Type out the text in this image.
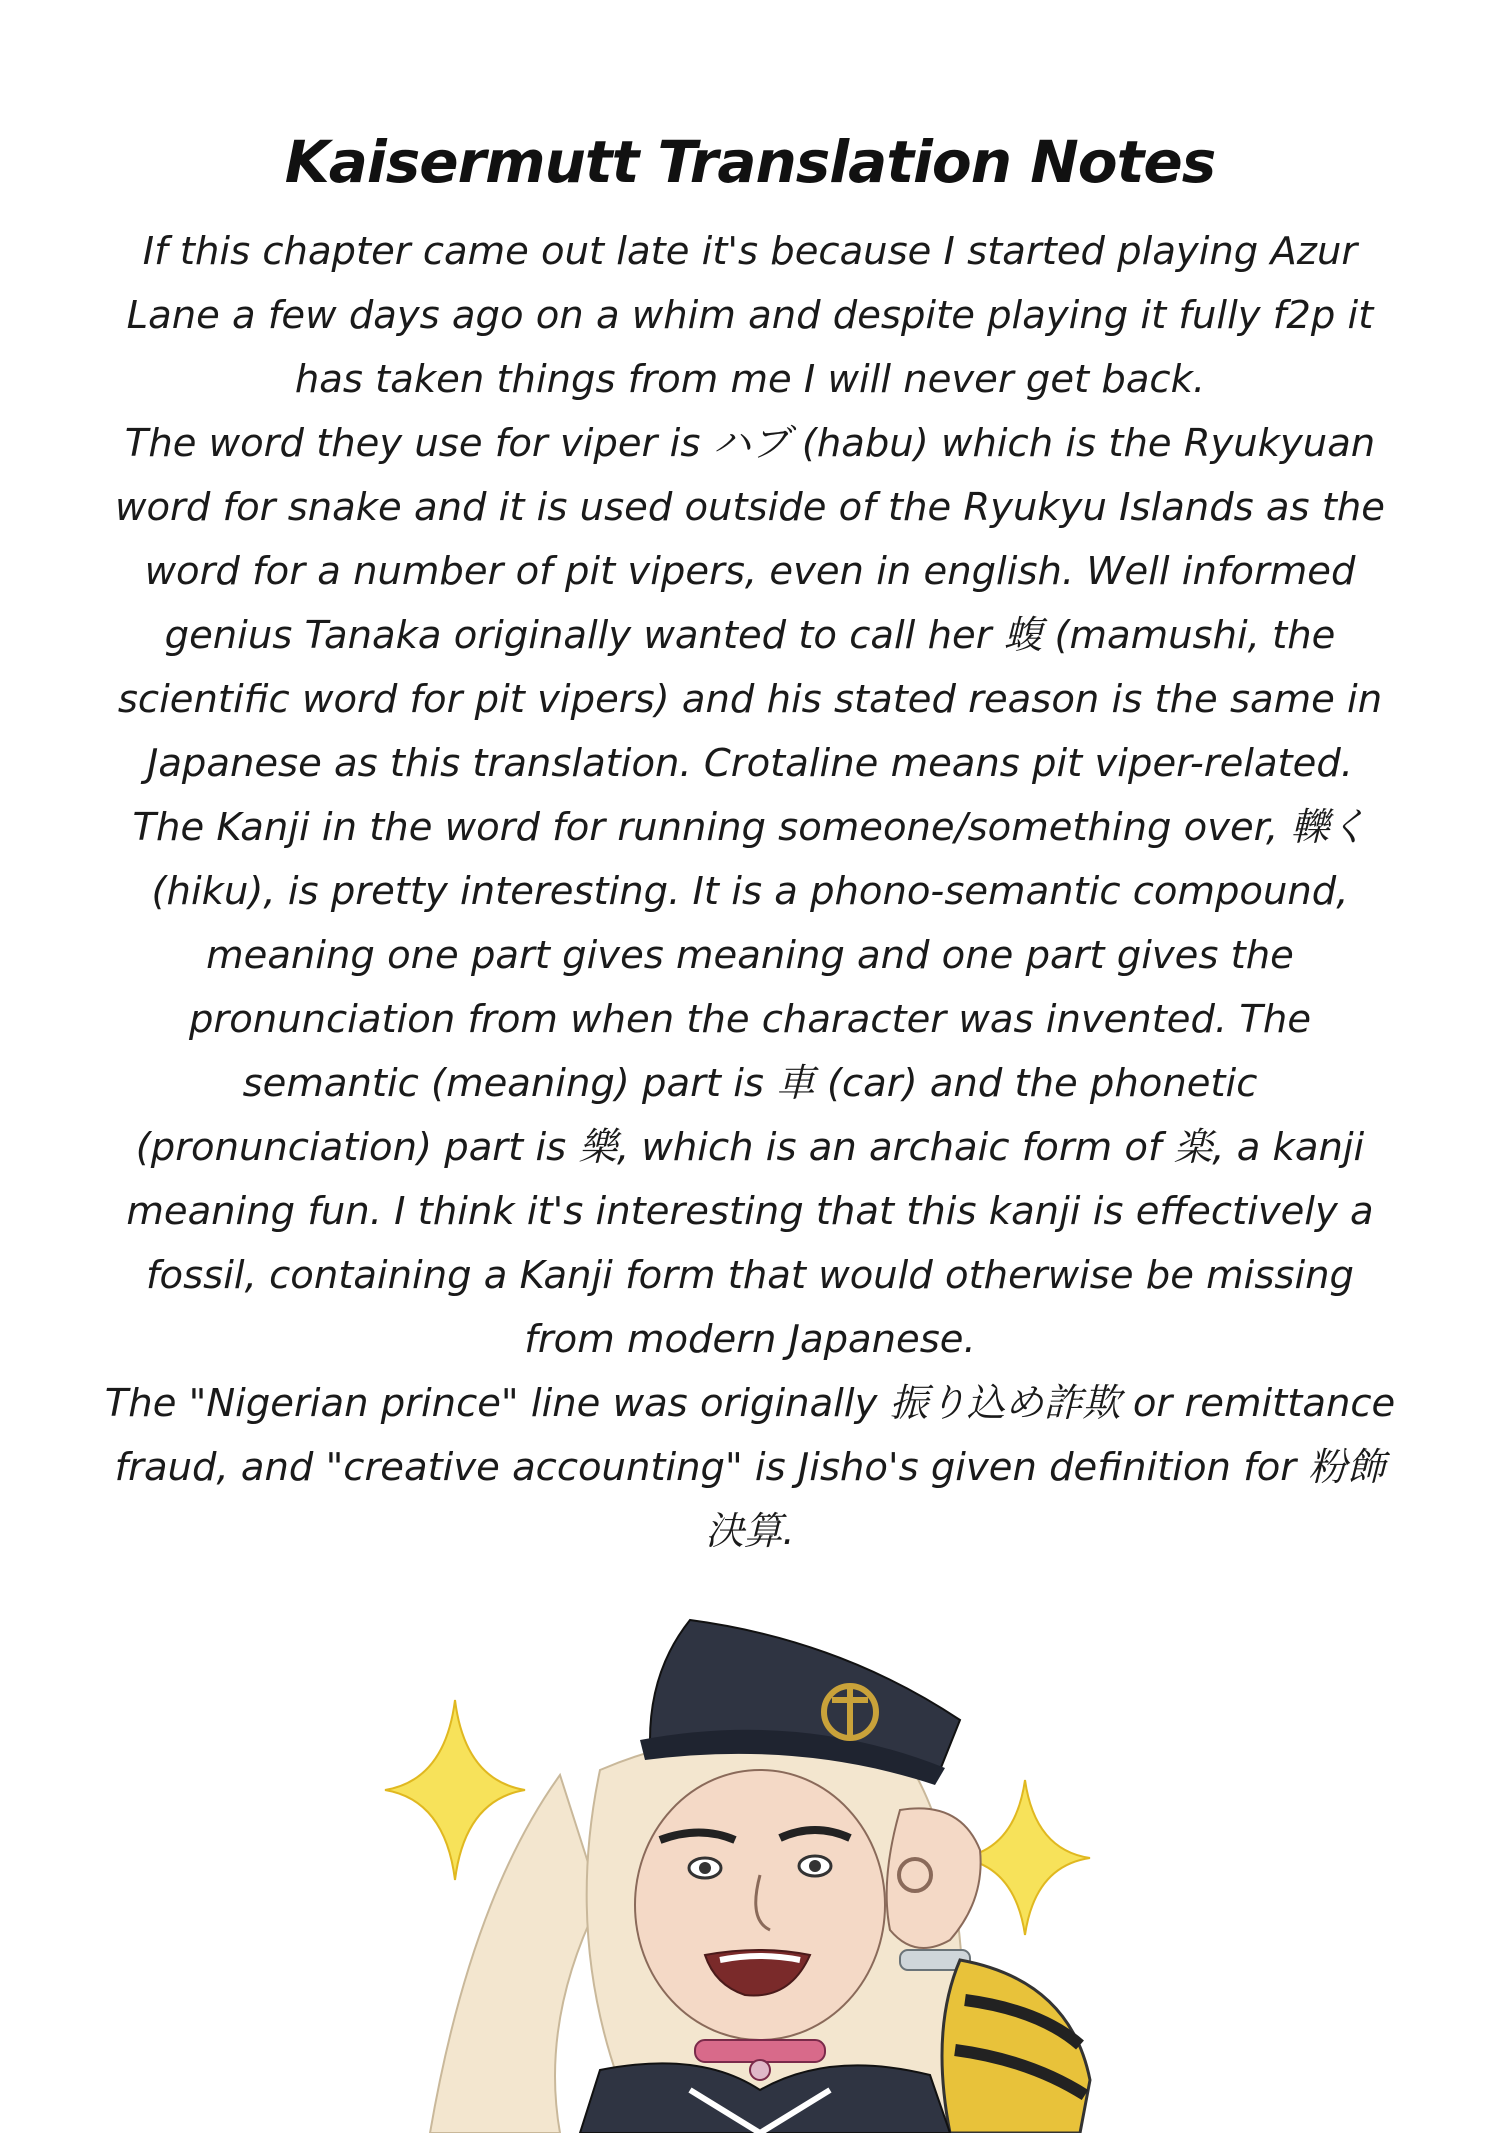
Kaisermutt Translation Notes

If this chapter came out late it's because I started playing Azur Lane a few days ago on a whim and despite playing it fully f2p it has taken things from me I will never get back.

The word they use for viper is ハブ (habu) which is the Ryukyuan word for snake and it is used outside of the Ryukyu Islands as the word for a number of pit vipers, even in english. Well informed genius Tanaka originally wanted to call her 蝮 (mamushi, the scientific word for pit vipers) and his stated reason is the same in Japanese as this translation. Crotaline means pit viper-related.

The Kanji in the word for running someone/something over, 轢く (hiku), is pretty interesting. It is a phono-semantic compound, meaning one part gives meaning and one part gives the pronunciation from when the character was invented. The semantic (meaning) part is 車 (car) and the phonetic (pronunciation) part is 樂, which is an archaic form of 楽, a kanji meaning fun. I think it's interesting that this kanji is effectively a fossil, containing a Kanji form that would otherwise be missing from modern Japanese.

The "Nigerian prince" line was originally 振り込め詐欺 or remittance fraud, and "creative accounting" is Jisho's given definition for 粉飾決算.
